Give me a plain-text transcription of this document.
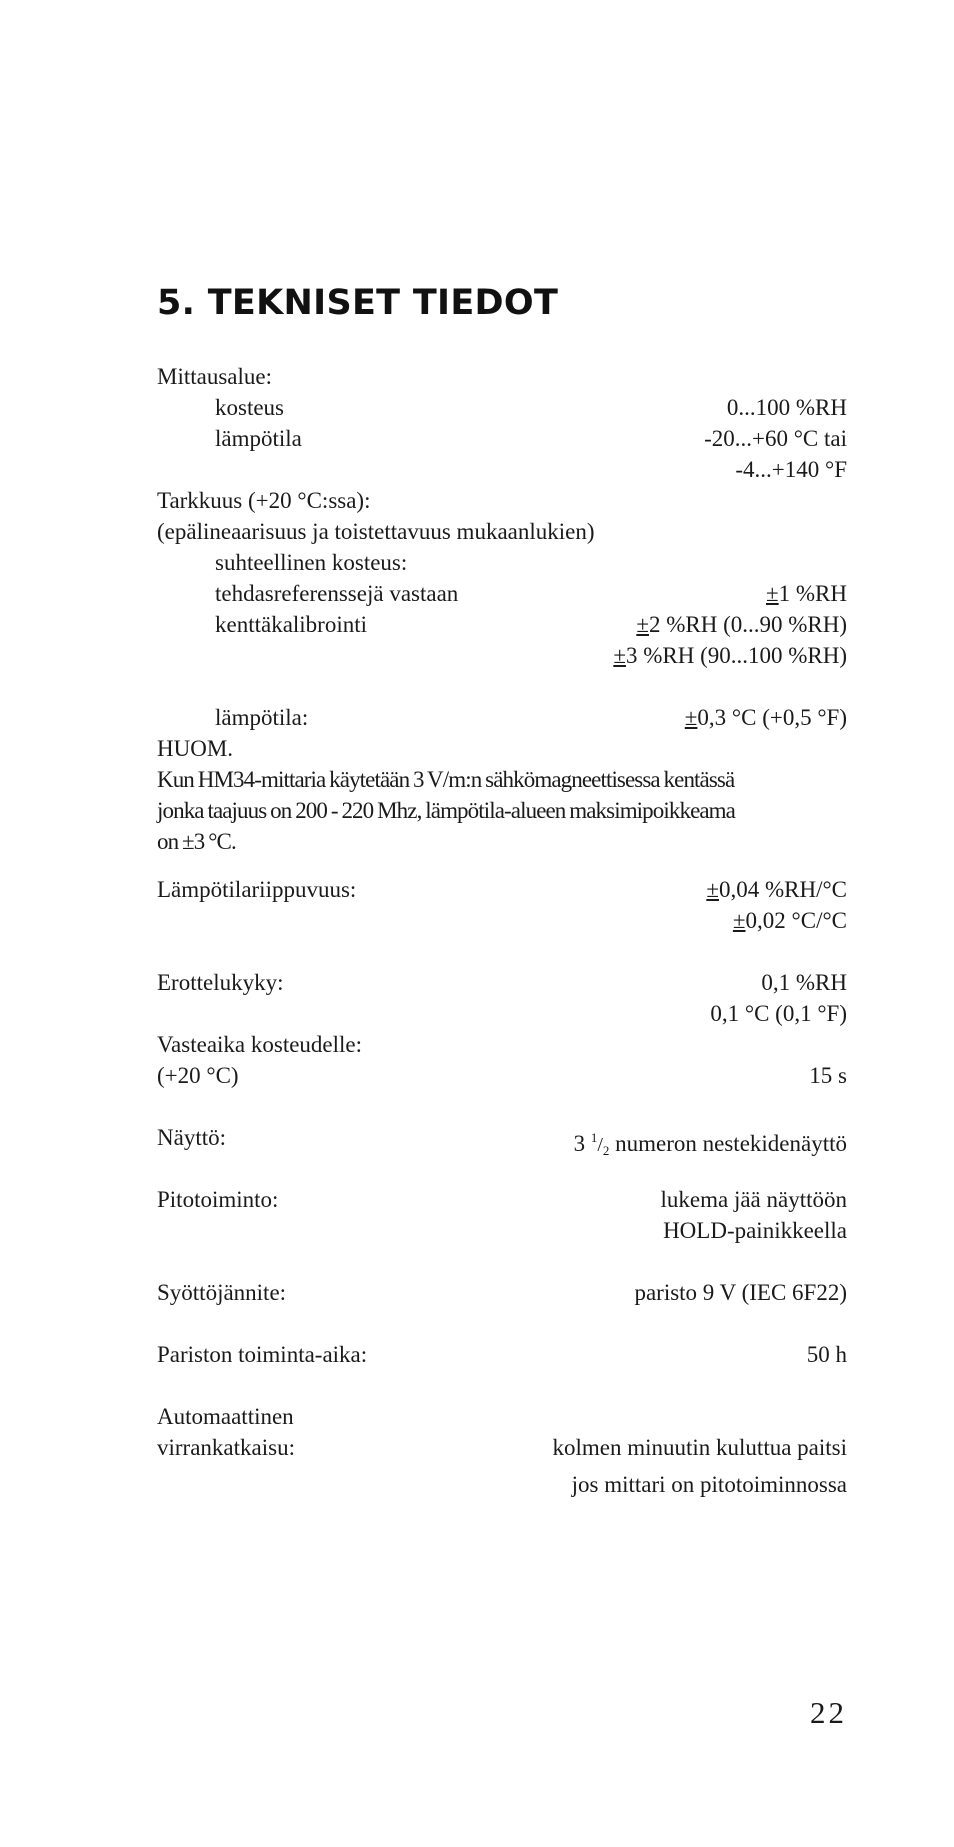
5. TEKNISET TIEDOT
Mittausalue:
kosteus	0...100 %RH
lämpötila	-20...+60 °C tai
-4...+140 °F
Tarkkuus (+20 °C:ssa):
(epälineaarisuus ja toistettavuus mukaanlukien)
suhteellinen kosteus:
tehdasreferenssejä vastaan	±1 %RH
kenttäkalibrointi	±2 %RH (0...90 %RH)
±3 %RH (90...100 %RH)
lämpötila:	±0,3 °C (+0,5 °F)
HUOM.
Kun HM34-mittaria käytetään 3 V/m:n sähkömagneettisessa kentässä
jonka taajuus on 200 - 220 Mhz, lämpötila-alueen maksimipoikkeama
on ±3 °C.
Lämpötilariippuvuus:	±0,04 %RH/°C
±0,02 °C/°C
Erottelukyky:	0,1 %RH
0,1 °C (0,1 °F)
Vasteaika kosteudelle:
(+20 °C)	15 s
Näyttö:	3 $^1/_2$ numeron nestekidenäyttö
Pitotoiminto:	lukema jää näyttöön
HOLD-painikkeella
Syöttöjännite:	paristo 9 V (IEC 6F22)
Pariston toiminta-aika:	50 h
Automaattinen
virrankatkaisu:	kolmen minuutin kuluttua paitsi
jos mittari on pitotoiminnossa
22
